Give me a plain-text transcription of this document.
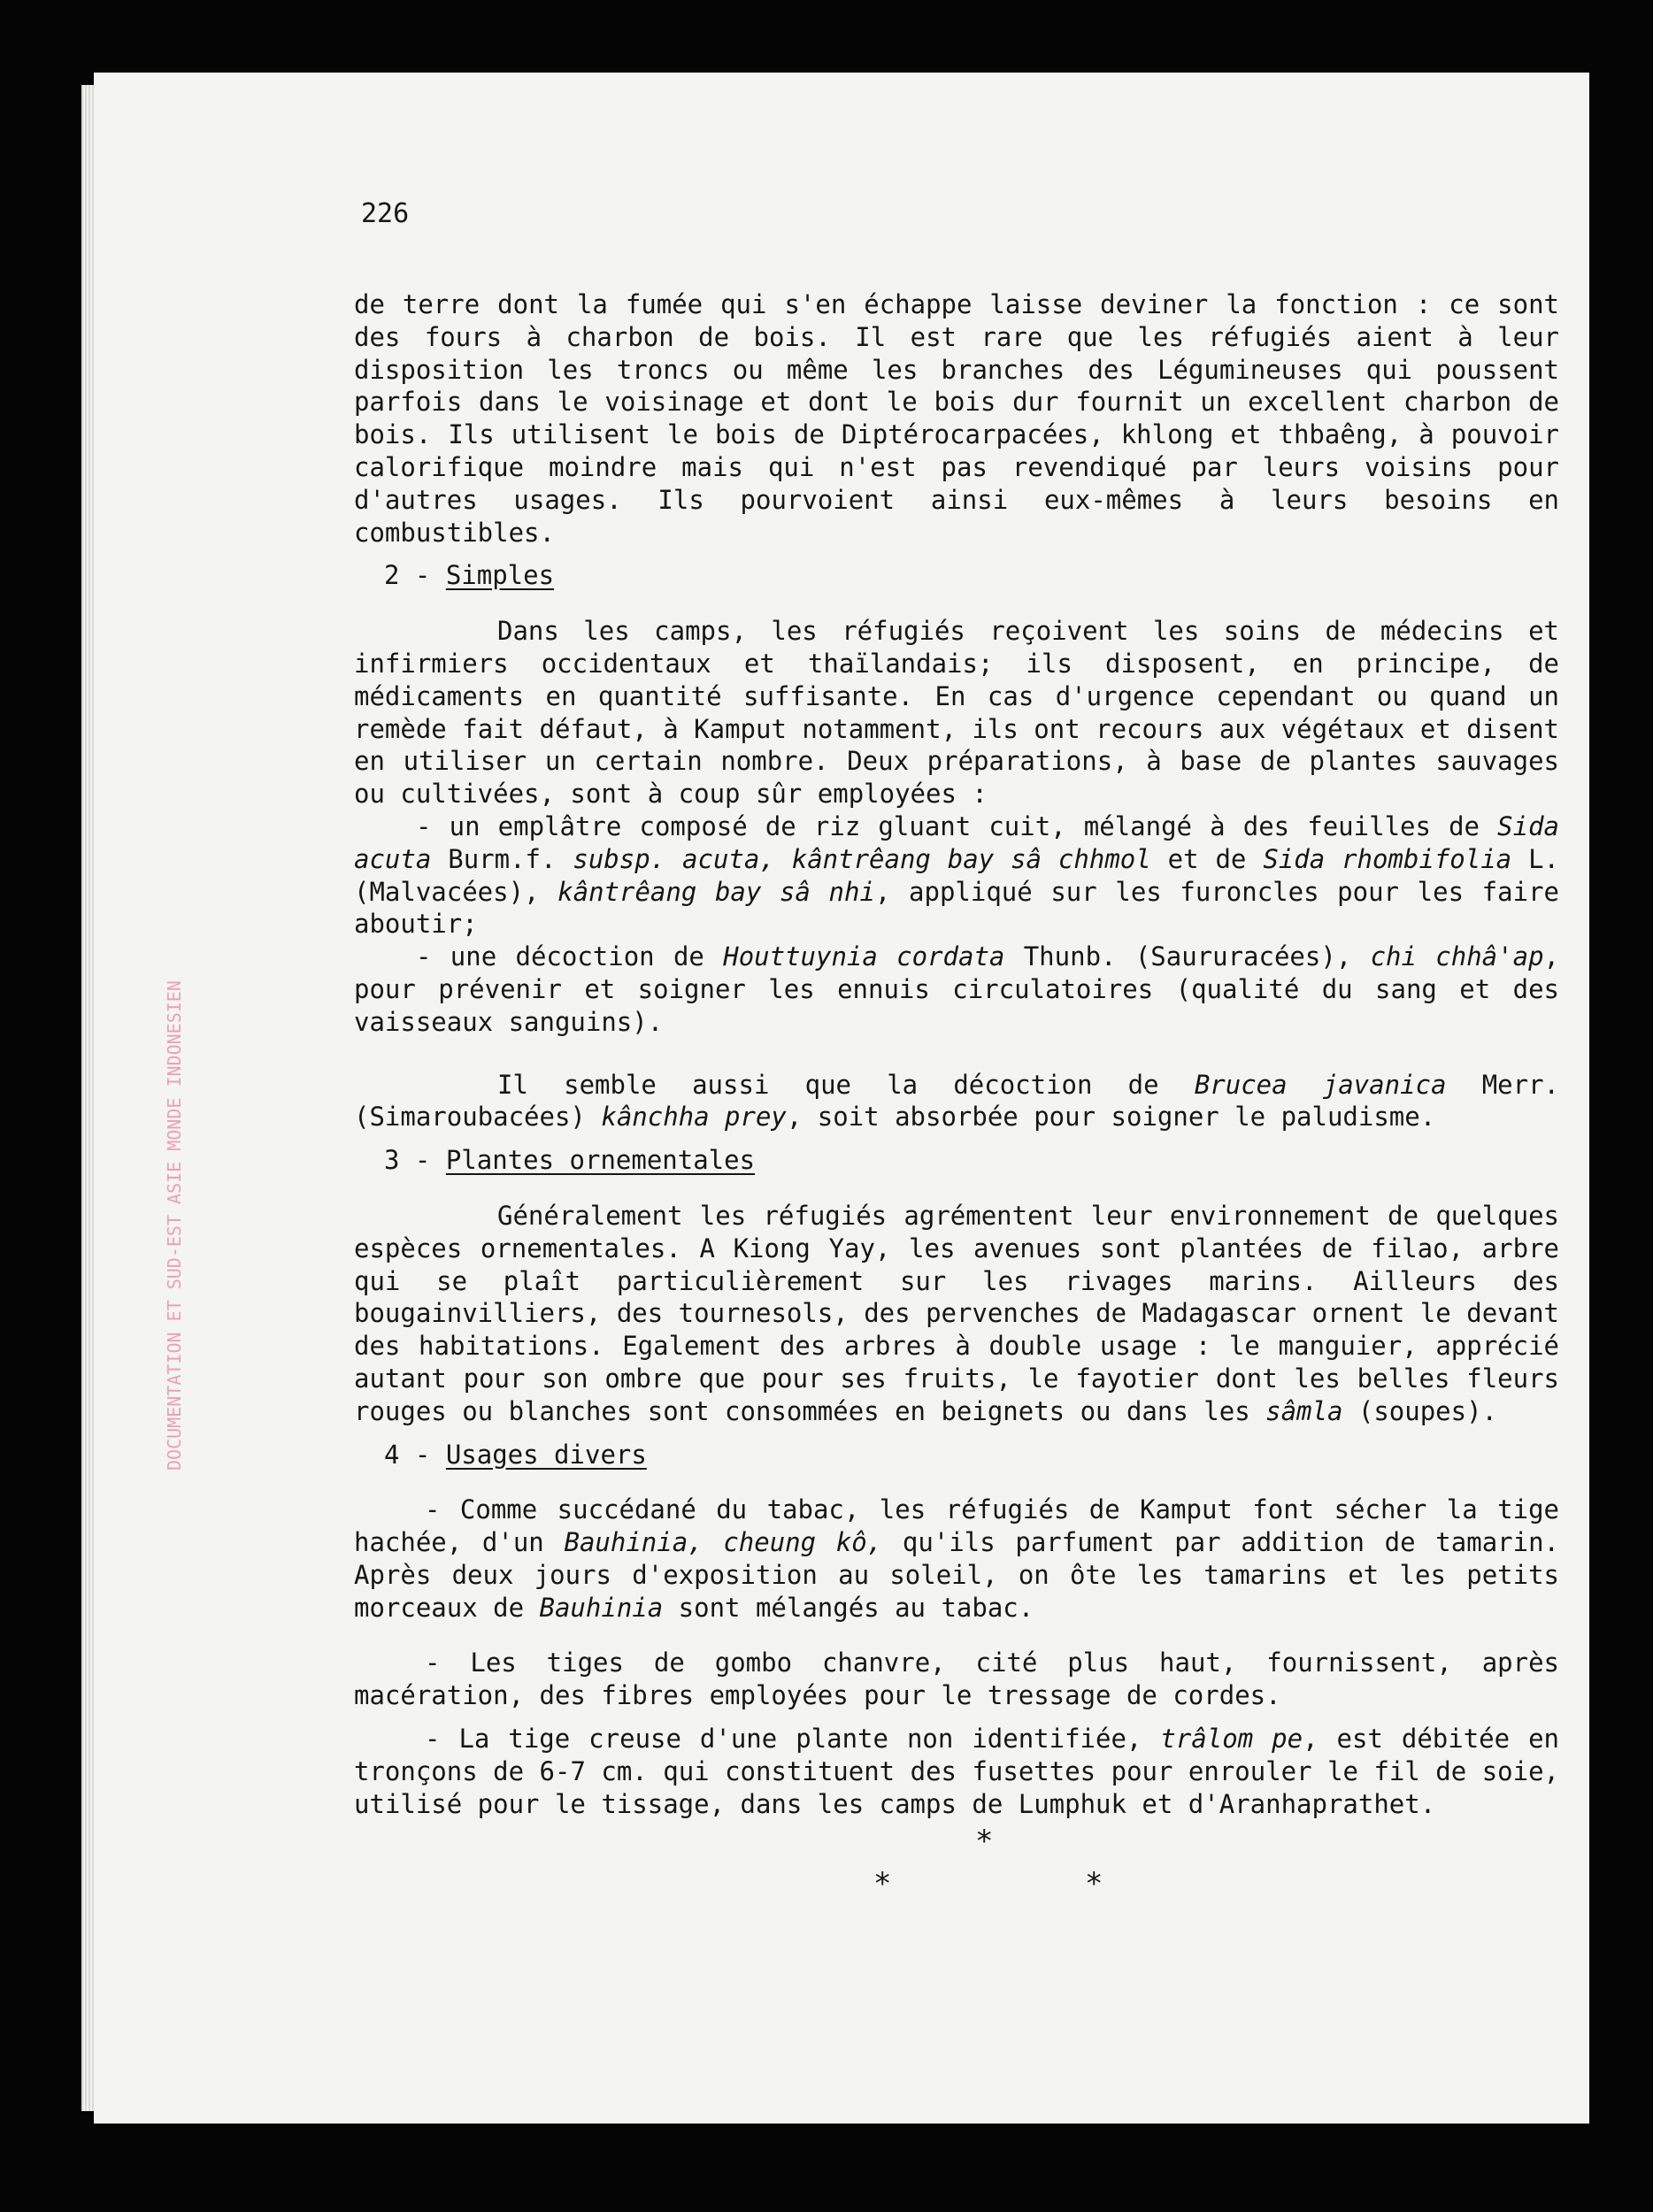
DOCUMENTATION ET SUD-EST ASIE MONDE INDONESIEN
226

de terre dont la fumée qui s'en échappe laisse deviner la fonction : ce sont des fours à charbon de bois. Il est rare que les réfugiés aient à leur disposition les troncs ou même les branches des Légumineuses qui poussent parfois dans le voisinage et dont le bois dur fournit un excellent charbon de bois. Ils utilisent le bois de Diptérocarpacées, khlong et thbaêng, à pouvoir calorifique moindre mais qui n'est pas revendiqué par leurs voisins pour d'autres usages. Ils pourvoient ainsi eux-mêmes à leurs besoins en combustibles.

2 - Simples

Dans les camps, les réfugiés reçoivent les soins de médecins et infirmiers occidentaux et thaïlandais; ils disposent, en principe, de médicaments en quantité suffisante. En cas d'urgence cependant ou quand un remède fait défaut, à Kamput notamment, ils ont recours aux végétaux et disent en utiliser un certain nombre. Deux préparations, à base de plantes sauvages ou cultivées, sont à coup sûr employées :

- un emplâtre composé de riz gluant cuit, mélangé à des feuilles de Sida acuta Burm.f. subsp. acuta, kântrêang bay sâ chhmol et de Sida rhombifolia L. (Malvacées), kântrêang bay sâ nhi, appliqué sur les furoncles pour les faire aboutir;

- une décoction de Houttuynia cordata Thunb. (Saururacées), chi chhâ'ap, pour prévenir et soigner les ennuis circulatoires (qualité du sang et des vaisseaux sanguins).

Il semble aussi que la décoction de Brucea javanica Merr. (Simaroubacées) kânchha prey, soit absorbée pour soigner le paludisme.

3 - Plantes ornementales

Généralement les réfugiés agrémentent leur environnement de quelques espèces ornementales. A Kiong Yay, les avenues sont plantées de filao, arbre qui se plaît particulièrement sur les rivages marins. Ailleurs des bougainvilliers, des tournesols, des pervenches de Madagascar ornent le devant des habitations. Egalement des arbres à double usage : le manguier, apprécié autant pour son ombre que pour ses fruits, le fayotier dont les belles fleurs rouges ou blanches sont consommées en beignets ou dans les sâmla (soupes).

4 - Usages divers

- Comme succédané du tabac, les réfugiés de Kamput font sécher la tige hachée, d'un Bauhinia, cheung kô, qu'ils parfument par addition de tamarin. Après deux jours d'exposition au soleil, on ôte les tamarins et les petits morceaux de Bauhinia sont mélangés au tabac.

- Les tiges de gombo chanvre, cité plus haut, fournissent, après macération, des fibres employées pour le tressage de cordes.

- La tige creuse d'une plante non identifiée, trâlom pe, est débitée en tronçons de 6-7 cm. qui constituent des fusettes pour enrouler le fil de soie, utilisé pour le tissage, dans les camps de Lumphuk et d'Aranhaprathet.

*
*	*
